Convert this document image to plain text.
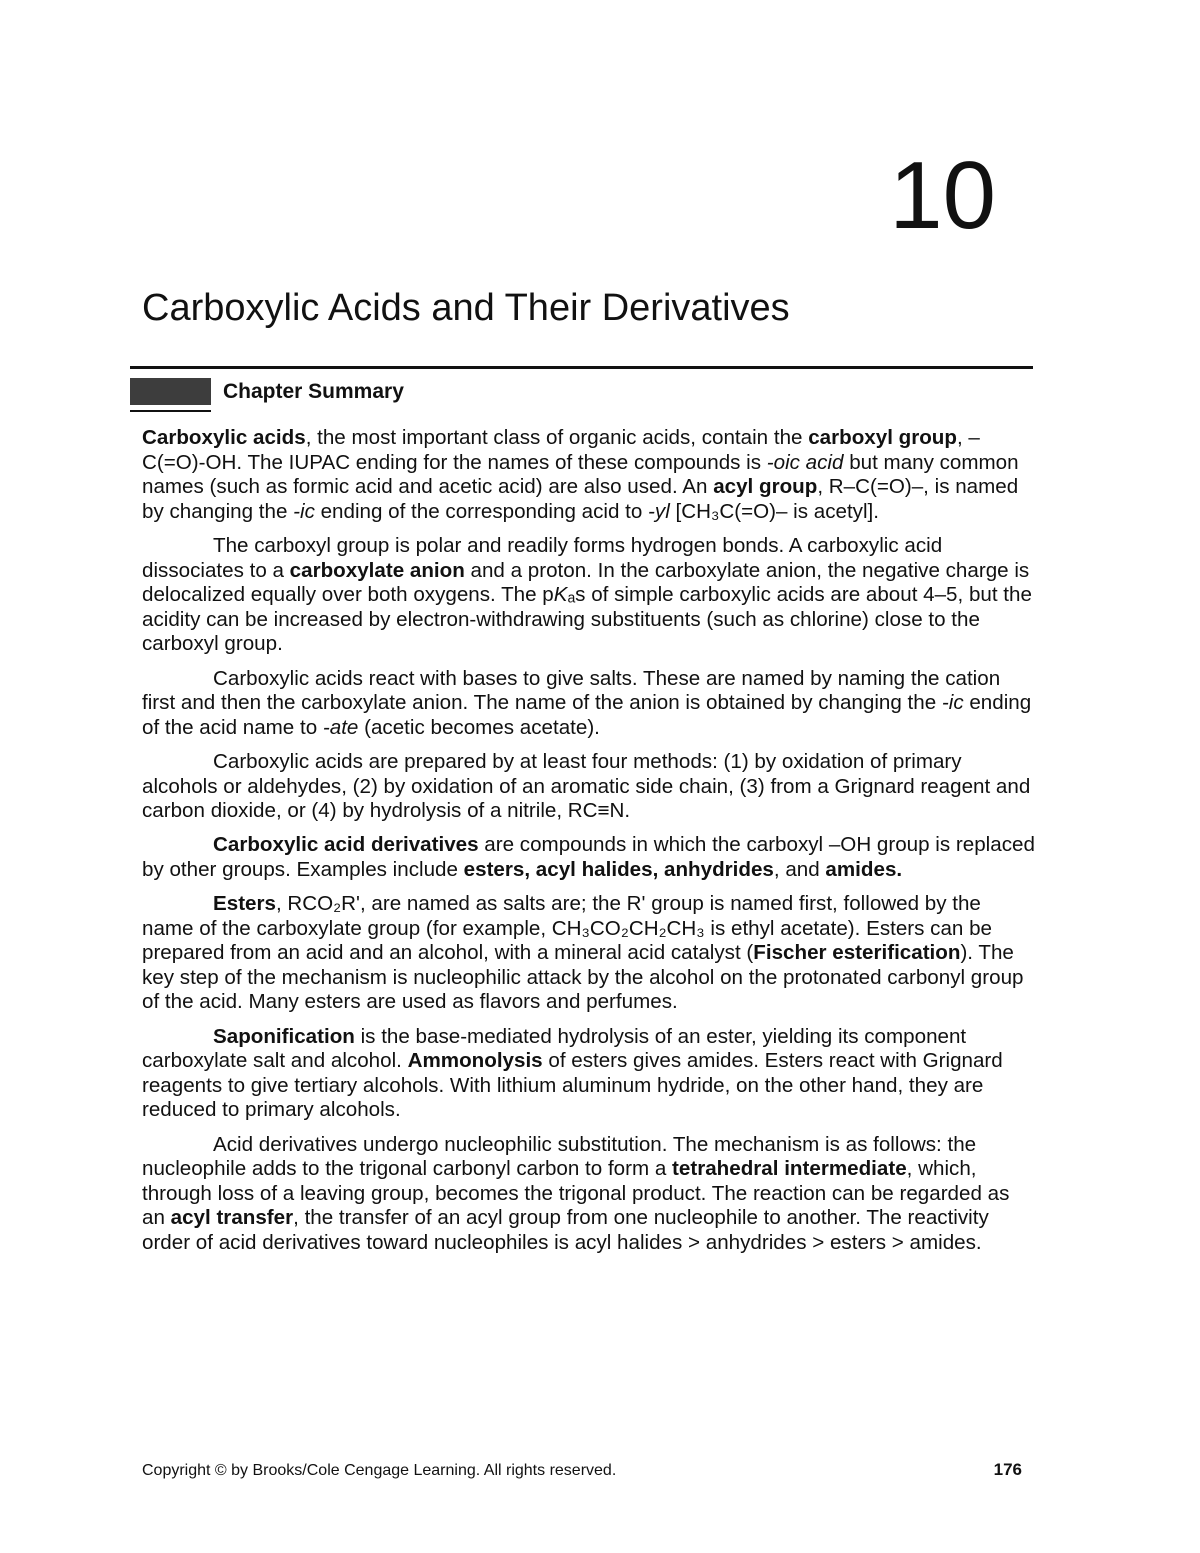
10
Carboxylic Acids and Their Derivatives
Chapter Summary

Carboxylic acids, the most important class of organic acids, contain the carboxyl group, –C(=O)-OH. The IUPAC ending for the names of these compounds is -oic acid but many common names (such as formic acid and acetic acid) are also used. An acyl group, R–C(=O)–, is named by changing the -ic ending of the corresponding acid to -yl [CH₃C(=O)– is acetyl].

The carboxyl group is polar and readily forms hydrogen bonds. A carboxylic acid dissociates to a carboxylate anion and a proton. In the carboxylate anion, the negative charge is delocalized equally over both oxygens. The pKₐs of simple carboxylic acids are about 4–5, but the acidity can be increased by electron-withdrawing substituents (such as chlorine) close to the carboxyl group.

Carboxylic acids react with bases to give salts. These are named by naming the cation first and then the carboxylate anion. The name of the anion is obtained by changing the -ic ending of the acid name to -ate (acetic becomes acetate).

Carboxylic acids are prepared by at least four methods: (1) by oxidation of primary alcohols or aldehydes, (2) by oxidation of an aromatic side chain, (3) from a Grignard reagent and carbon dioxide, or (4) by hydrolysis of a nitrile, RC≡N.

Carboxylic acid derivatives are compounds in which the carboxyl –OH group is replaced by other groups. Examples include esters, acyl halides, anhydrides, and amides.

Esters, RCO₂R', are named as salts are; the R' group is named first, followed by the name of the carboxylate group (for example, CH₃CO₂CH₂CH₃ is ethyl acetate). Esters can be prepared from an acid and an alcohol, with a mineral acid catalyst (Fischer esterification). The key step of the mechanism is nucleophilic attack by the alcohol on the protonated carbonyl group of the acid. Many esters are used as flavors and perfumes.

Saponification is the base-mediated hydrolysis of an ester, yielding its component carboxylate salt and alcohol. Ammonolysis of esters gives amides. Esters react with Grignard reagents to give tertiary alcohols. With lithium aluminum hydride, on the other hand, they are reduced to primary alcohols.

Acid derivatives undergo nucleophilic substitution. The mechanism is as follows: the nucleophile adds to the trigonal carbonyl carbon to form a tetrahedral intermediate, which, through loss of a leaving group, becomes the trigonal product. The reaction can be regarded as an acyl transfer, the transfer of an acyl group from one nucleophile to another. The reactivity order of acid derivatives toward nucleophiles is acyl halides > anhydrides > esters > amides.

Copyright © by Brooks/Cole Cengage Learning. All rights reserved.	176
